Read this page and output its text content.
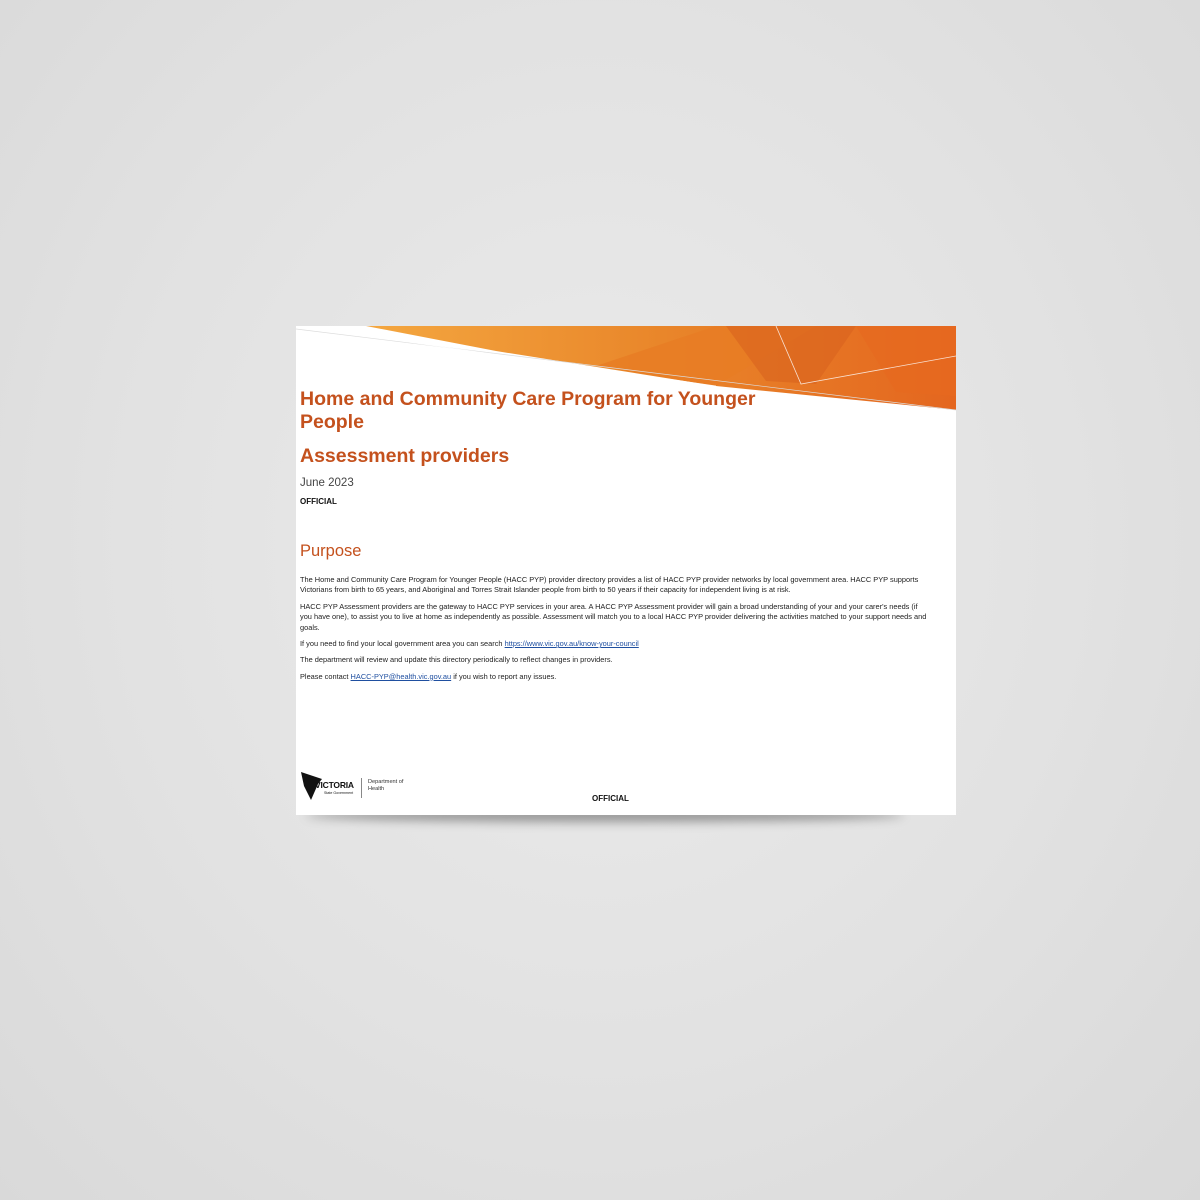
Home and Community Care Program for Younger People
Assessment providers
June 2023
OFFICIAL
Purpose

The Home and Community Care Program for Younger People (HACC PYP) provider directory provides a list of HACC PYP provider networks by local government area. HACC PYP supports Victorians from birth to 65 years, and Aboriginal and Torres Strait Islander people from birth to 50 years if their capacity for independent living is at risk.

HACC PYP Assessment providers are the gateway to HACC PYP services in your area. A HACC PYP Assessment provider will gain a broad understanding of your and your carer's needs (if you have one), to assist you to live at home as independently as possible. Assessment will match you to a local HACC PYP provider delivering the activities matched to your support needs and goals.

If you need to find your local government area you can search https://www.vic.gov.au/know-your-council

The department will review and update this directory periodically to reflect changes in providers.

Please contact HACC-PYP@health.vic.gov.au if you wish to report any issues.

VICTORIA
State Government
Department of Health
OFFICIAL
